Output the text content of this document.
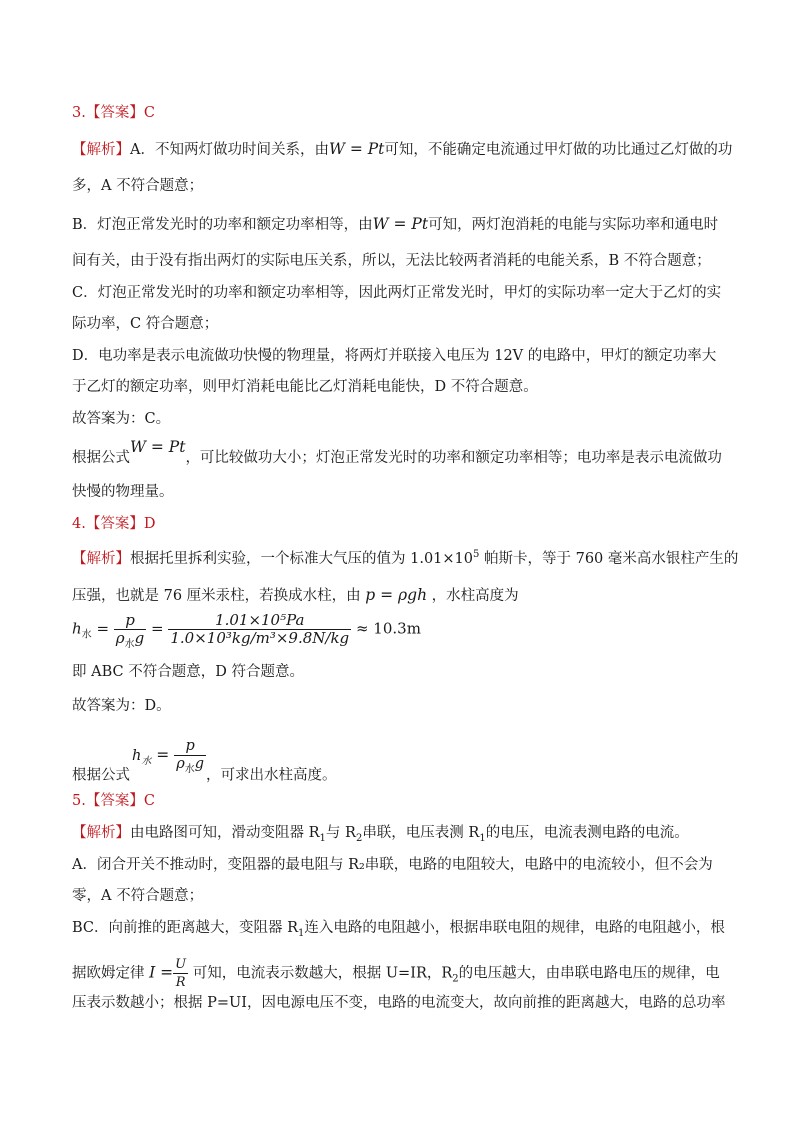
3.【答案】C
【解析】A．不知两灯做功时间关系，由W = Pt可知，不能确定电流通过甲灯做的功比通过乙灯做的功
多，A 不符合题意；
B．灯泡正常发光时的功率和额定功率相等，由W = Pt可知，两灯泡消耗的电能与实际功率和通电时
间有关，由于没有指出两灯的实际电压关系，所以，无法比较两者消耗的电能关系，B 不符合题意；
C．灯泡正常发光时的功率和额定功率相等，因此两灯正常发光时，甲灯的实际功率一定大于乙灯的实
际功率，C 符合题意；
D．电功率是表示电流做功快慢的物理量，将两灯并联接入电压为 12V 的电路中，甲灯的额定功率大
于乙灯的额定功率，则甲灯消耗电能比乙灯消耗电能快，D 不符合题意。
故答案为：C。
根据公式W = Pt，可比较做功大小；灯泡正常发光时的功率和额定功率相等；电功率是表示电流做功
快慢的物理量。
4.【答案】D
【解析】根据托里拆利实验，一个标准大气压的值为 $1.01\times 10^5$ 帕斯卡，等于 760 毫米高水银柱产生的
压强，也就是 76 厘米汞柱，若换成水柱，由 p = ρgh ，水柱高度为
$h_水 = \frac{p}{\rho_水g} = \frac{\text{1.01×10⁵Pa}}{\text{1.0×10³kg/m³×9.8N/kg}} \approx 10.3m$
即 ABC 不符合题意，D 符合题意。
故答案为：D。
根据公式$h_水 = \frac{p}{\rho_水g}$
，可求出水柱高度。
5.【答案】C
【解析】由电路图可知，滑动变阻器 $R_1$与 $R_2$串联，电压表测 $R_1$的电压，电流表测电路的电流。
A．闭合开关不推动时，变阻器的最电阻与 R₂串联，电路的电阻较大，电路中的电流较小，但不会为
零，A 不符合题意；
BC．向前推的距离越大，变阻器 $R_1$连入电路的电阻越小，根据串联电阻的规律，电路的电阻越小，根
据欧姆定律 $I = \frac{U}{R}$ 可知，电流表示数越大，根据 U=IR，$R_2$的电压越大，由串联电路电压的规律，电
压表示数越小；根据 P=UI，因电源电压不变，电路的电流变大，故向前推的距离越大，电路的总功率
